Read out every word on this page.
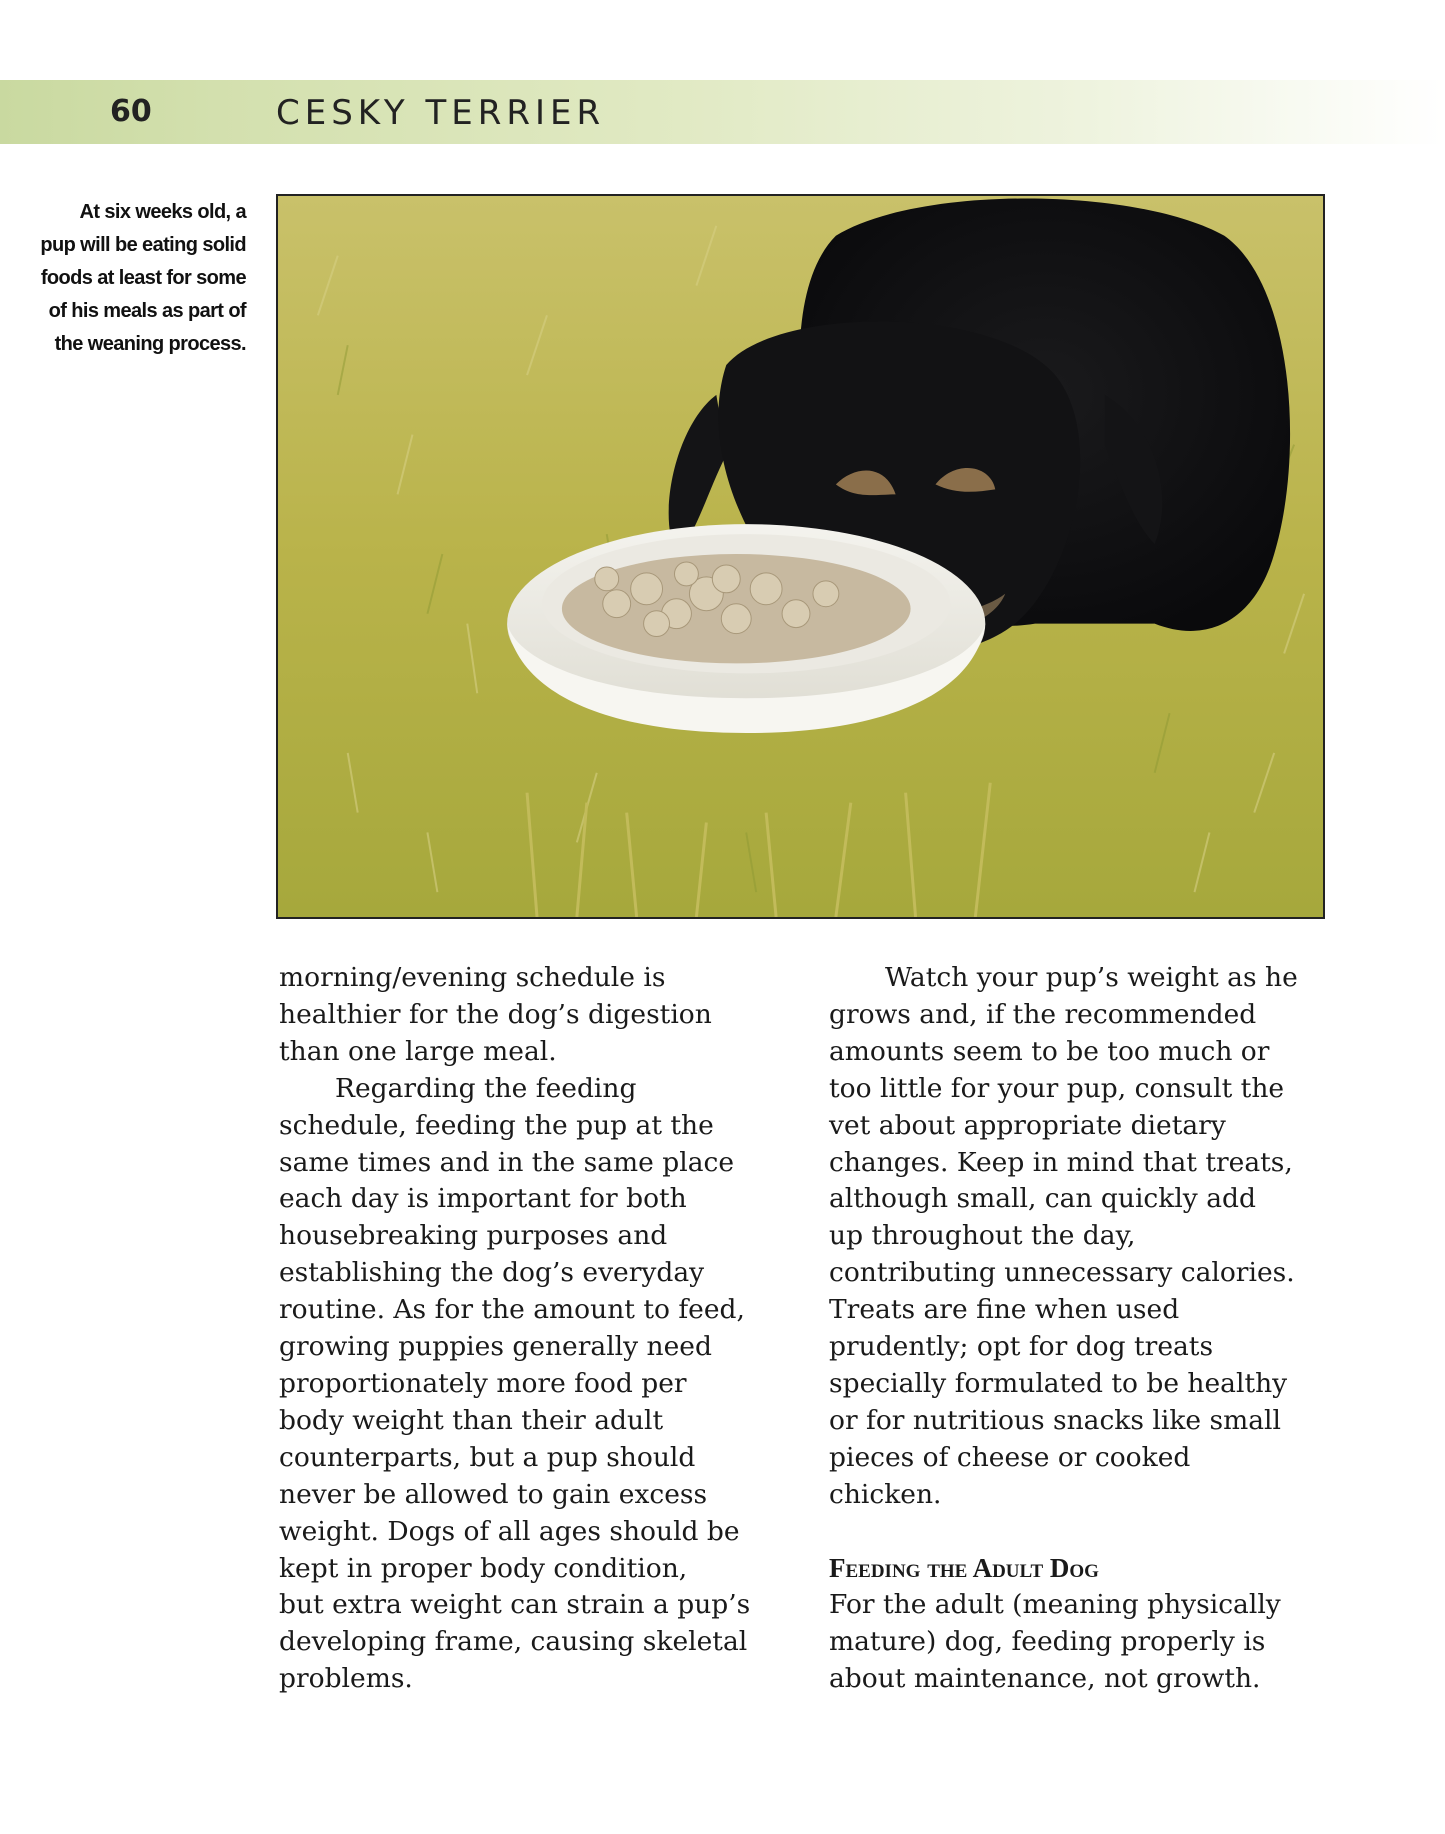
60	CESKY TERRIER
At six weeks old, a pup will be eating solid foods at least for some of his meals as part of the weaning process.

morning/evening schedule is

healthier for the dog’s digestion

than one large meal.

Regarding the feeding

schedule, feeding the pup at the

same times and in the same place

each day is important for both

housebreaking purposes and

establishing the dog’s everyday

routine. As for the amount to feed,

growing puppies generally need

proportionately more food per

body weight than their adult

counterparts, but a pup should

never be allowed to gain excess

weight. Dogs of all ages should be

kept in proper body condition,

but extra weight can strain a pup’s

developing frame, causing skeletal

problems.

Watch your pup’s weight as he

grows and, if the recommended

amounts seem to be too much or

too little for your pup, consult the

vet about appropriate dietary

changes. Keep in mind that treats,

although small, can quickly add

up throughout the day,

contributing unnecessary calories.

Treats are fine when used

prudently; opt for dog treats

specially formulated to be healthy

or for nutritious snacks like small

pieces of cheese or cooked

chicken.

Feeding the Adult Dog

For the adult (meaning physically

mature) dog, feeding properly is

about maintenance, not growth.
